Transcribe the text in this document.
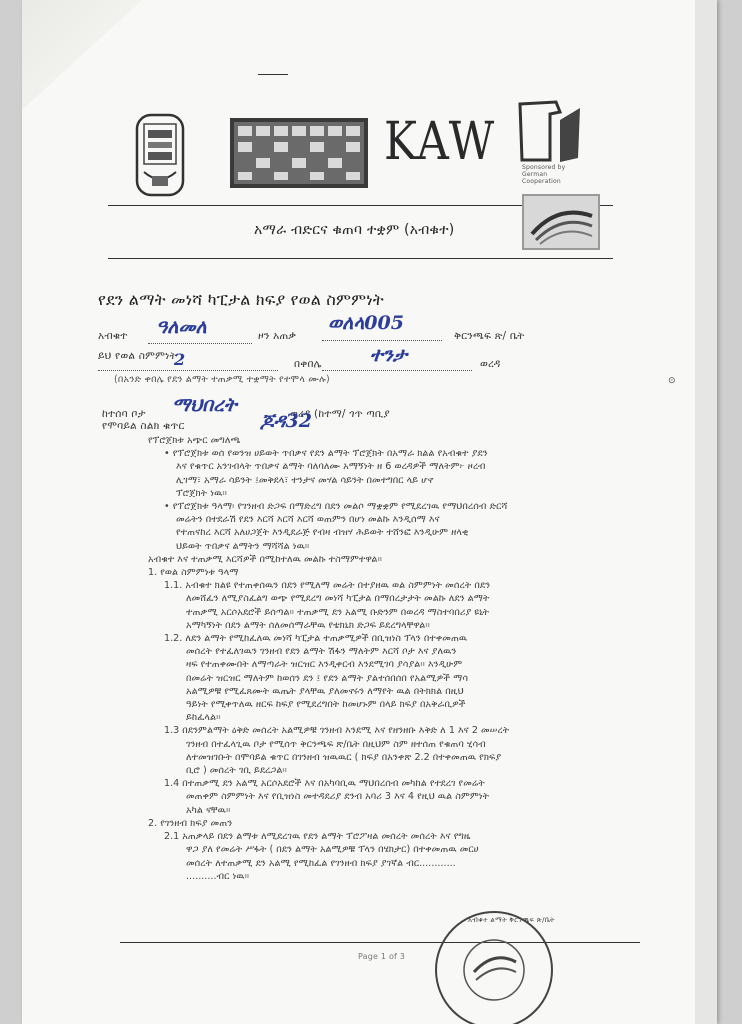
KAW	Sponsored by German Cooperation
አማራ ብድርና ቁጠባ ተቋም (አብቁተ)
የደን ልማት መነሻ ካፒታል ክፍያ የወል ስምምነት
አብቁተ ዓለመለ	ዞን አጠቃ
ወለላ005
ቅርንጫፍ ጽ/ ቤት
ይህ የወል ስምምነት
2	በቀበሌ	ተንታ	ወረዳ
(በአንድ ቀበሌ የደን ልማት ተጠቃሚ ተቋማት የተሞላ ሙሉ)
ከተሰባ ቦታ ማህበረት	ወረዳ (ከተማ/ ጎጥ ጣቢያ
የሞባይል ስልክ ቁጥር	ጆዳ32
የፕሮጀክቱ አጭር መግለጫ
• የፕሮጀክቱ ወሰ የወንዝ ሀይወት ጥበቃና የደን ልማት ፕሮጀክት በአማራ ክልል የአብቁተ ያደን
እና የቁጥር አንገብላት ጥበቃና ልማት ባለባለሙ አማኝነት ዘ 6 ወረዳዎች ማለትም፦ ዞረብ
ሊገማ፣ አማራ ሳይንት ፤መቅደላ፣ ተንታና መሃል ሳይንት በመተግበር ላይ ሆኖ
ፕሮጀክት ነዉ።
• የፕሮጀክቱ ዓላማ፡ የገንዘብ ድጋፍ በማድረግ በደን መልሶ ማቋቋም የሚደረገዉ የማህበረሰብ ድርሻ
መሬትን በተደራሽ የደን እርሻ እርሻ እርሻ ወጠምን በሆነ መልኩ እንዲሰማ እና
የተጠናከረ እርሻ አለሀጋጀት እንዲደራጅ የብዛ ብዝሃ ሕይወት ተሸንፎ እንዲሁም ዘላቂ
ህይወት ጥበቃና ልማትን ማሻሻል ነዉ።
አብቁተ እና ተጠቃሚ እርሻዎች በሚከተለዉ መልኩ ተስማምተዋል።
1. የወል ስምምነቱ ዓላማ
1.1. አብቁተ ክልዩ የተጠቀሰዉን በደን የሚለማ መሬት በተያዘዉ ወል ስምምነት መሰረት በደን
ለመሸፈን ለሚያስፈልግ ወጭ የሚደረግ መነሻ ካፒታል በማበረታታት መልኩ ለደን ልማት
ተጠቃሚ አርሶአደሮች ይሰጣል። ተጠቃሚ ደን አልሚ ቡድንም በወረዳ ማስተባበሪያ ዩኒት
አማካኝነት በደን ልማት ሰለመሰማራቸዉ የቴክኒክ ድጋፍ ይደረግላቸዋል።
1.2. ለደን ልማት የሚከፈለዉ መነሻ ካፒታል ተጠቃሚዎች በቢዝነስ ፕላን በተቀመጠዉ
መሰረት የተፈለገዉን ገንዘብ የደን ልማት ሽፋን ማለትም እርሻ ቦታ እና ያለዉን
ዛፍ የተጠቀሙበት ለማጣራት ዝርዝር እንዲቀርብ እንደሚገባ ያሳያል። እንዲሁም
በመሬት ዝርዝር ማለትም ከወሰን ደን ፤ የደን ልማት ያልተሰበሰበ የአልሚዎች ማሳ
አልሚዎቹ የሚፈጸሙት ዉጤት ያላቸዉ ያለመኖሩን ለማየት ዉል በትክክል በዚህ
ዓይነት የሚቀጥለዉ ዘርፍ ከፍያ የሚደረግበት ከመሆኑም በላይ ክፍያ በአቅራቢዎች
ይከፈላል።
1.3 በደንምልማት ዕቅድ መሰረት አልሚዎቹ ገንዘብ እንደሚ እና የዘንዘቡ እቅድ ለ 1 እና 2 መሠረት
ገንዘብ በተፈላጊዉ ቦታ የሚሰጥ ቅርንጫፍ ጽ/ቤት በዚህም ስም ዘተሰጠ የቁጠባ ሂሳብ
ለተመዝገቡት በሞባይል ቁጥር በገንዘብ ዝዉዉር ( ክፍያ በአንቀጽ 2.2 በተቀመጠዉ የክፍያ
ቢሮ ) መሰረት ገቢ ይደረጋል።
1.4 በተጠቃሚ ደን አልሚ አርሶአደሮች እና በአካባቢዉ ማህበረሰብ መካከል የተደረገ የመሬት
መጠቀም ስምምነት እና የቢዝነስ መተዳደሪያ ደንብ አባሪ 3 እና 4 የዚህ ዉል ስምምነት
አካል ናቸዉ።
2. የገንዘብ ክፍያ መጠን
2.1 አጠቃላይ በደን ልማቱ ለሚደረገዉ የደን ልማት ፕሮፖዛል መሰረት መሰረት እና የግዜ
ዋጋ ያለ የመሬት ሥፋት ( በደን ልማት አልሚዎቹ ፕላን በሄክታር) በተቀመጠዉ መርሀ
መሰረት ለተጠቃሚ ደን አልሚ የሚከፈል የገንዘብ ክፍያ ያገኛል ብር............
..........ብር ነዉ።
Page 1 of 3
አብቁተ ልማት ቅርንጫፍ ጽ/ቤት
⊙
